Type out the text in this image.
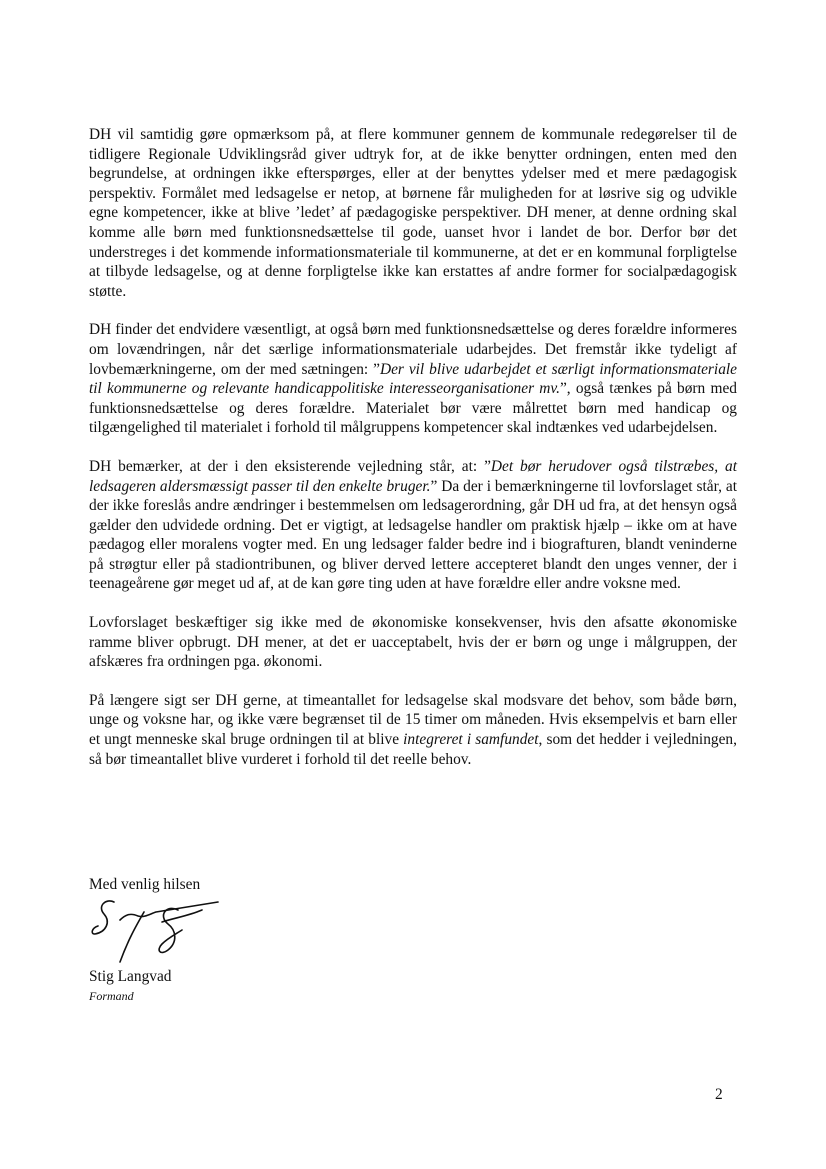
DH vil samtidig gøre opmærksom på, at flere kommuner gennem de kommunale redegørelser til de tidligere Regionale Udviklingsråd giver udtryk for, at de ikke benytter ordningen, enten med den begrundelse, at ordningen ikke efterspørges, eller at der benyttes ydelser med et mere pædagogisk perspektiv. Formålet med ledsagelse er netop, at børnene får muligheden for at løsrive sig og udvikle egne kompetencer, ikke at blive ’ledet’ af pædagogiske perspektiver. DH mener, at denne ordning skal komme alle børn med funktionsnedsættelse til gode, uanset hvor i landet de bor. Derfor bør det understreges i det kommende informationsmateriale til kommunerne, at det er en kommunal forpligtelse at tilbyde ledsagelse, og at denne forpligtelse ikke kan erstattes af andre former for socialpædagogisk støtte.

DH finder det endvidere væsentligt, at også børn med funktionsnedsættelse og deres forældre informeres om lovændringen, når det særlige informationsmateriale udarbejdes. Det fremstår ikke tydeligt af lovbemærkningerne, om der med sætningen: ”Der vil blive udarbejdet et særligt informationsmateriale til kommunerne og relevante handicappolitiske interesseorganisationer mv.”, også tænkes på børn med funktionsnedsættelse og deres forældre. Materialet bør være målrettet børn med handicap og tilgængelighed til materialet i forhold til målgruppens kompetencer skal indtænkes ved udarbejdelsen.

DH bemærker, at der i den eksisterende vejledning står, at: ”Det bør herudover også tilstræbes, at ledsageren aldersmæssigt passer til den enkelte bruger.” Da der i bemærkningerne til lovforslaget står, at der ikke foreslås andre ændringer i bestemmelsen om ledsagerordning, går DH ud fra, at det hensyn også gælder den udvidede ordning. Det er vigtigt, at ledsagelse handler om praktisk hjælp – ikke om at have pædagog eller moralens vogter med. En ung ledsager falder bedre ind i biografturen, blandt veninderne på strøgtur eller på stadiontribunen, og bliver derved lettere accepteret blandt den unges venner, der i teenageårene gør meget ud af, at de kan gøre ting uden at have forældre eller andre voksne med.

Lovforslaget beskæftiger sig ikke med de økonomiske konsekvenser, hvis den afsatte økonomiske ramme bliver opbrugt. DH mener, at det er uacceptabelt, hvis der er børn og unge i målgruppen, der afskæres fra ordningen pga. økonomi.

På længere sigt ser DH gerne, at timeantallet for ledsagelse skal modsvare det behov, som både børn, unge og voksne har, og ikke være begrænset til de 15 timer om måneden. Hvis eksempelvis et barn eller et ungt menneske skal bruge ordningen til at blive integreret i samfundet, som det hedder i vejledningen, så bør timeantallet blive vurderet i forhold til det reelle behov.

Med venlig hilsen
Stig Langvad
Formand
2
